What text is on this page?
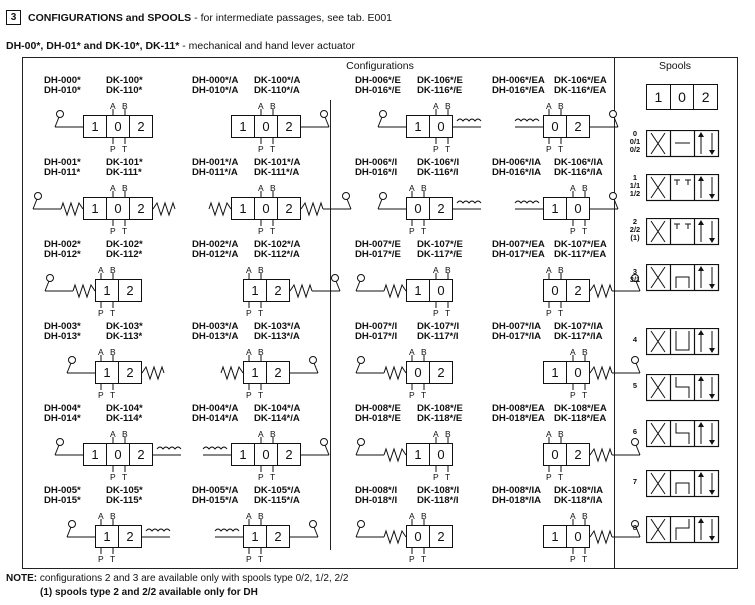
3	CONFIGURATIONS and SPOOLS - for intermediate passages, see tab. E001
DH-00*, DH-01* and DK-10*, DK-11* - mechanical and hand lever actuator
Configurations	Spools
DH-000*	DK-100*
DH-010*	DK-110*
1	0	2
A B
P T
DH-000*/A DK-100*/A
DH-010*/A DK-110*/A
1	0	2
A B
P T
DH-006*/E DK-106*/E
DH-016*/E DK-116*/E
1	0
A B
P T
DH-006*/EA DK-106*/EA
DH-016*/EA DK-116*/EA
0	2
A B
P T
DH-001*	DK-101*
DH-011*	DK-111*
1	0	2
A B
P T
DH-001*/A DK-101*/A
DH-011*/A DK-111*/A
1	0	2
A B
P T
DH-006*/I DK-106*/I
DH-016*/I DK-116*/I
0	2
A B
P T
DH-006*/IA DK-106*/IA
DH-016*/IA DK-116*/IA
1	0
A B
P T
DH-002*	DK-102*
DH-012*	DK-112*
1	2
A B
P T
DH-002*/A DK-102*/A
DH-012*/A DK-112*/A
1	2
A B
P T
DH-007*/E DK-107*/E
DH-017*/E DK-117*/E
1	0
A B
P T
DH-007*/EA DK-107*/EA
DH-017*/EA DK-117*/EA
0	2
A B
P T
DH-003*	DK-103*
DH-013*	DK-113*
1	2
A B
P T
DH-003*/A DK-103*/A
DH-013*/A DK-113*/A
1	2
A B
P T
DH-007*/I DK-107*/I
DH-017*/I DK-117*/I
0	2
A B
P T
DH-007*/IA DK-107*/IA
DH-017*/IA DK-117*/IA
1	0
A B
P T
DH-004*	DK-104*
DH-014*	DK-114*
1	0	2
A B
P T
DH-004*/A DK-104*/A
DH-014*/A DK-114*/A
1	0	2
A B
P T
DH-008*/E DK-108*/E
DH-018*/E DK-118*/E
1	0
A B
P T
DH-008*/EA DK-108*/EA
DH-018*/EA DK-118*/EA
0	2
A B
P T
DH-005*	DK-105*
DH-015*	DK-115*
1	2
A B
P T
DH-005*/A DK-105*/A
DH-015*/A DK-115*/A
1	2
A B
P T
DH-008*/I DK-108*/I
DH-018*/I DK-118*/I
0	2
A B
P T
DH-008*/IA DK-108*/IA
DH-018*/IA DK-118*/IA
1	0
A B
P T
1	0	2
0
0/1
0/2
1
1/1
1/2
2
2/2
(1)
3
3/1
4
5
6
7
8
NOTE: configurations 2 and 3 are available only with spools type 0/2, 1/2, 2/2
(1) spools type 2 and 2/2 available only for DH
